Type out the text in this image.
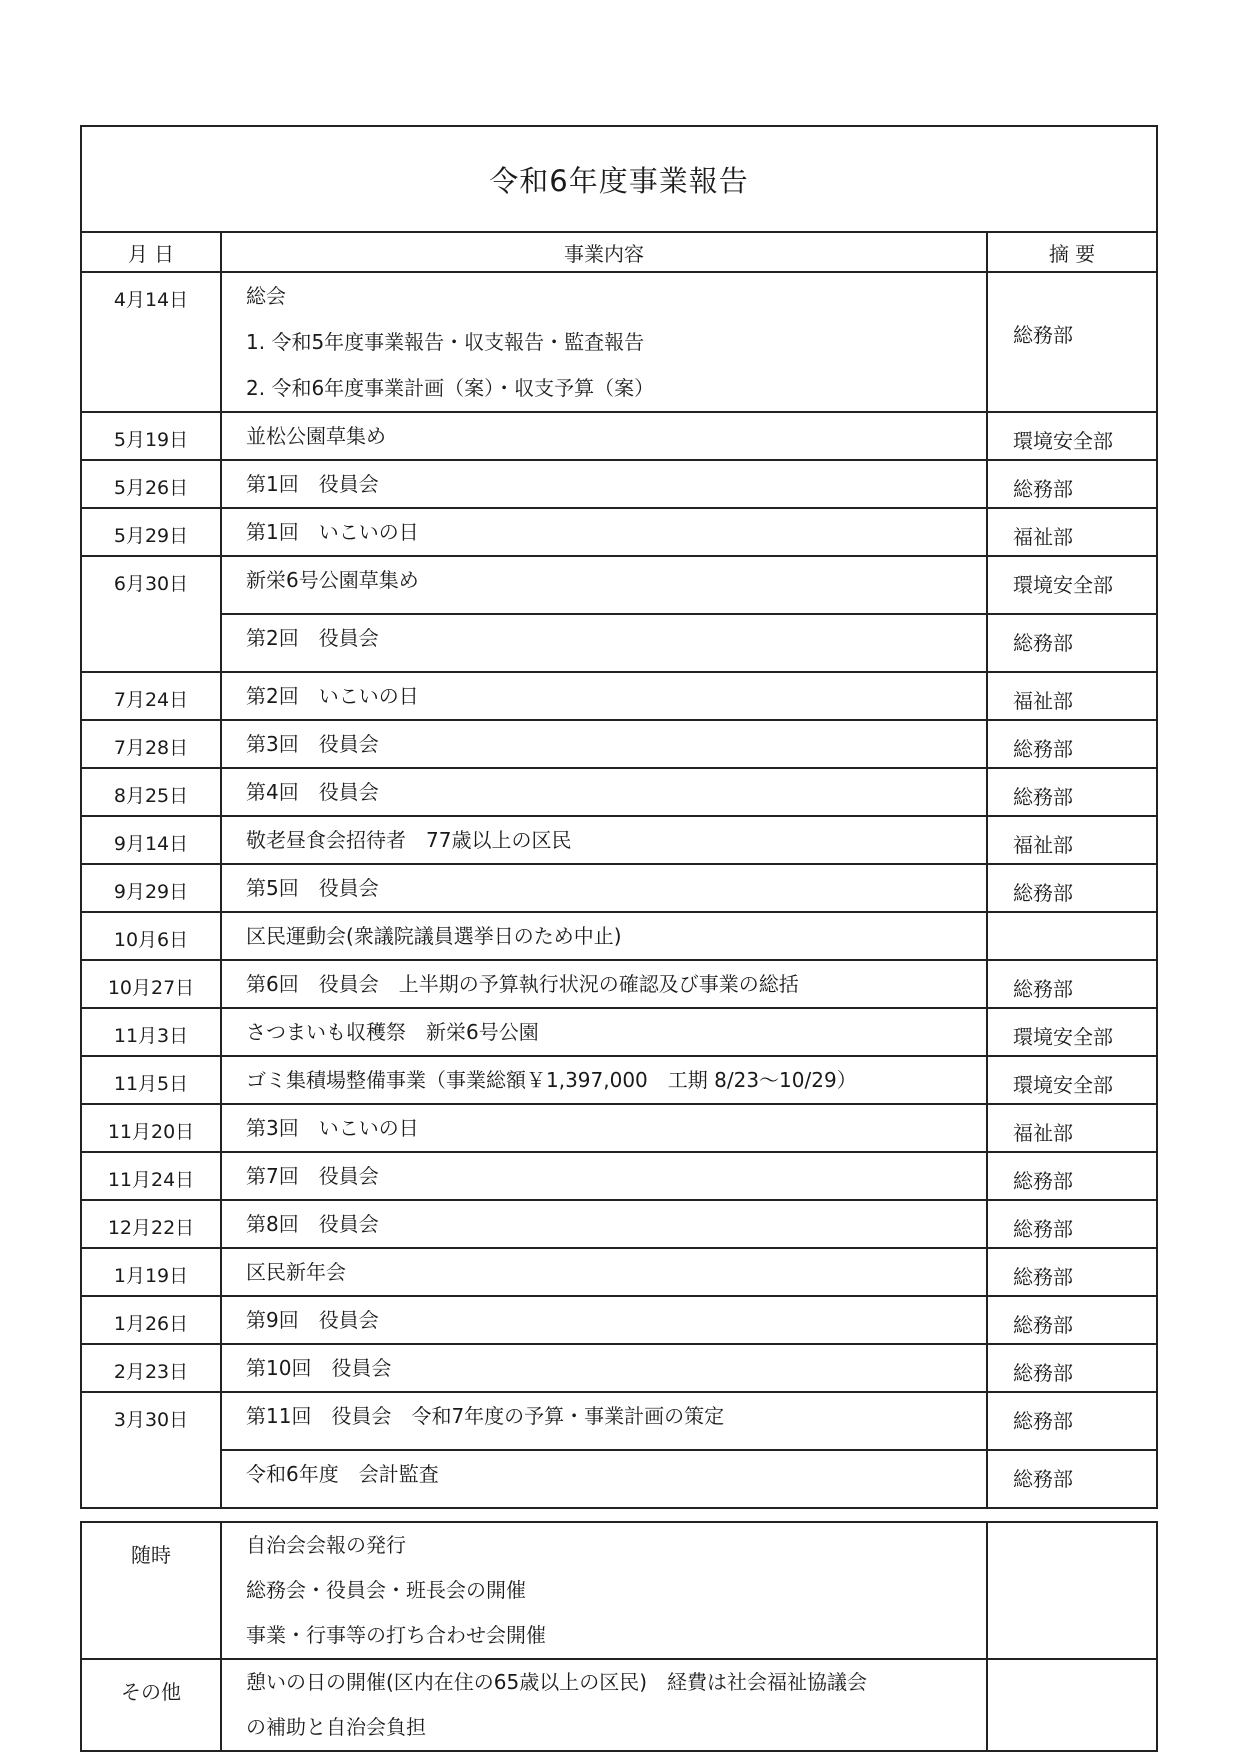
令和6年度事業報告		
月 日	事業内容	摘 要
4月14日	総会
1. 令和5年度事業報告・収支報告・監査報告
2. 令和6年度事業計画（案）・収支予算（案）	総務部
5月19日	並松公園草集め	環境安全部
5月26日	第1回　役員会	総務部
5月29日	第1回　いこいの日	福祉部
6月30日	新栄6号公園草集め	環境安全部

	第2回　役員会	総務部
7月24日	第2回　いこいの日	福祉部
7月28日	第3回　役員会	総務部
8月25日	第4回　役員会	総務部
9月14日	敬老昼食会招待者　77歳以上の区民	福祉部
9月29日	第5回　役員会	総務部
10月6日	区民運動会(衆議院議員選挙日のため中止)	

10月27日	第6回　役員会　上半期の予算執行状況の確認及び事業の総括	総務部
11月3日	さつまいも収穫祭　新栄6号公園	環境安全部
11月5日	ゴミ集積場整備事業（事業総額￥1,397,000　工期 8/23〜10/29）	環境安全部
11月20日	第3回　いこいの日	福祉部
11月24日	第7回　役員会	総務部
12月22日	第8回　役員会	総務部
1月19日	区民新年会	総務部
1月26日	第9回　役員会	総務部
2月23日	第10回　役員会	総務部
3月30日	第11回　役員会　令和7年度の予算・事業計画の策定	総務部

	令和6年度　会計監査	総務部
随時	自治会会報の発行
総務会・役員会・班長会の開催
事業・行事等の打ち合わせ会開催	

その他	憩いの日の開催(区内在住の65歳以上の区民)　経費は社会福祉協議会
の補助と自治会負担	
